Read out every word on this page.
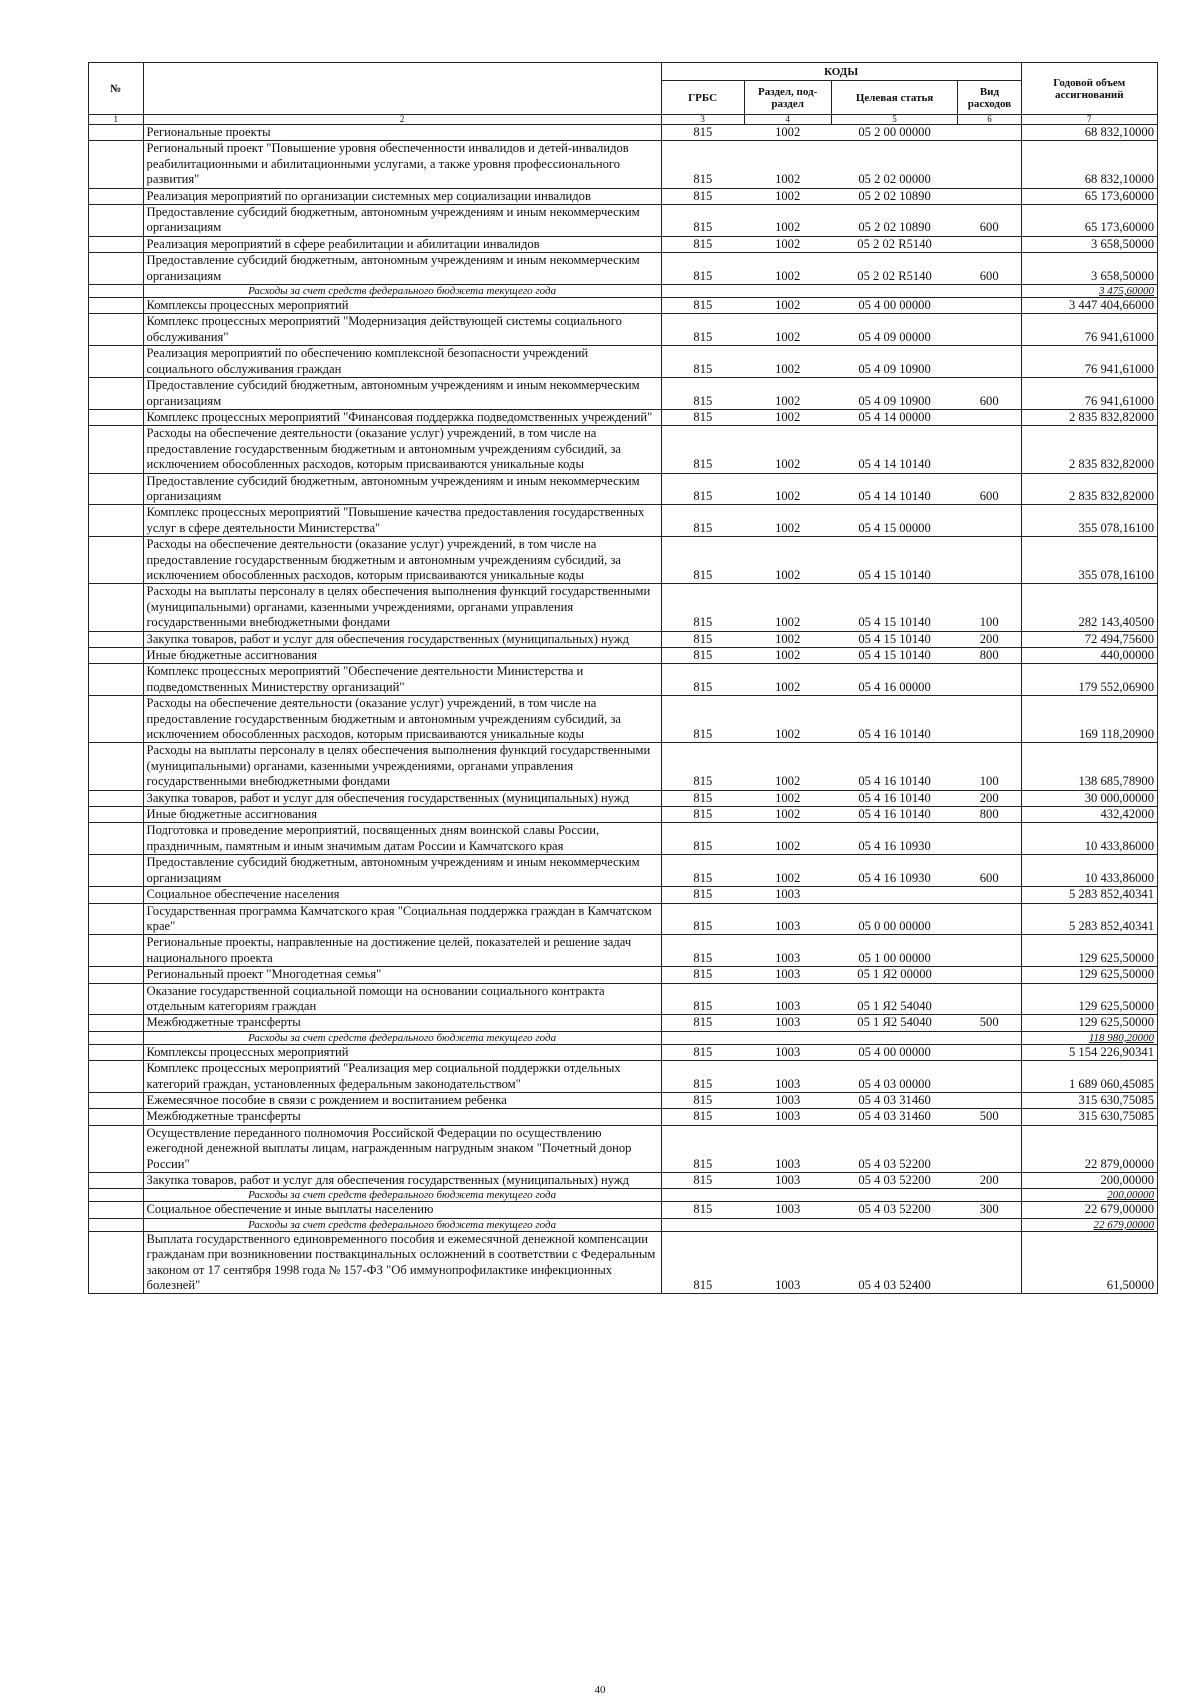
№		КОДЫ				Годовой объем ассигнований
		ГРБС	Раздел, под-раздел	Целевая статья	Вид расходов	
1	2	3	4	5	6	7
	Региональные проекты	815	1002	05 2 00 00000		68 832,10000
	Региональный проект "Повышение уровня обеспеченности инвалидов и детей-инвалидов реабилитационными и абилитационными услугами, а также уровня профессионального развития"	815	1002	05 2 02 00000		68 832,10000
	Реализация мероприятий по организации системных мер социализации инвалидов	815	1002	05 2 02 10890		65 173,60000
	Предоставление субсидий бюджетным, автономным учреждениям и иным некоммерческим организациям	815	1002	05 2 02 10890	600	65 173,60000
	Реализация мероприятий в сфере реабилитации и абилитации инвалидов	815	1002	05 2 02 R5140		3 658,50000
	Предоставление субсидий бюджетным, автономным учреждениям и иным некоммерческим организациям	815	1002	05 2 02 R5140	600	3 658,50000
	Расходы за счет средств федерального бюджета текущего года					3 475,60000
	Комплексы процессных мероприятий	815	1002	05 4 00 00000		3 447 404,66000
	Комплекс процессных мероприятий "Модернизация действующей системы социального обслуживания"	815	1002	05 4 09 00000		76 941,61000
	Реализация мероприятий по обеспечению комплексной безопасности учреждений социального обслуживания граждан	815	1002	05 4 09 10900		76 941,61000
	Предоставление субсидий бюджетным, автономным учреждениям и иным некоммерческим организациям	815	1002	05 4 09 10900	600	76 941,61000
	Комплекс процессных мероприятий "Финансовая поддержка подведомственных учреждений"	815	1002	05 4 14 00000		2 835 832,82000
	Расходы на обеспечение деятельности (оказание услуг) учреждений, в том числе на предоставление государственным бюджетным и автономным учреждениям субсидий, за исключением обособленных расходов, которым присваиваются уникальные коды	815	1002	05 4 14 10140		2 835 832,82000
	Предоставление субсидий бюджетным, автономным учреждениям и иным некоммерческим организациям	815	1002	05 4 14 10140	600	2 835 832,82000
	Комплекс процессных мероприятий "Повышение качества предоставления государственных услуг в сфере деятельности Министерства"	815	1002	05 4 15 00000		355 078,16100
	Расходы на обеспечение деятельности (оказание услуг) учреждений, в том числе на предоставление государственным бюджетным и автономным учреждениям субсидий, за исключением обособленных расходов, которым присваиваются уникальные коды	815	1002	05 4 15 10140		355 078,16100
	Расходы на выплаты персоналу в целях обеспечения выполнения функций государственными (муниципальными) органами, казенными учреждениями, органами управления государственными внебюджетными фондами	815	1002	05 4 15 10140	100	282 143,40500
	Закупка товаров, работ и услуг для обеспечения государственных (муниципальных) нужд	815	1002	05 4 15 10140	200	72 494,75600
	Иные бюджетные ассигнования	815	1002	05 4 15 10140	800	440,00000
	Комплекс процессных мероприятий "Обеспечение деятельности Министерства и подведомственных Министерству организаций"	815	1002	05 4 16 00000		179 552,06900
	Расходы на обеспечение деятельности (оказание услуг) учреждений, в том числе на предоставление государственным бюджетным и автономным учреждениям субсидий, за исключением обособленных расходов, которым присваиваются уникальные коды	815	1002	05 4 16 10140		169 118,20900
	Расходы на выплаты персоналу в целях обеспечения выполнения функций государственными (муниципальными) органами, казенными учреждениями, органами управления государственными внебюджетными фондами	815	1002	05 4 16 10140	100	138 685,78900
	Закупка товаров, работ и услуг для обеспечения государственных (муниципальных) нужд	815	1002	05 4 16 10140	200	30 000,00000
	Иные бюджетные ассигнования	815	1002	05 4 16 10140	800	432,42000
	Подготовка и проведение мероприятий, посвященных дням воинской славы России, праздничным, памятным и иным значимым датам России и Камчатского края	815	1002	05 4 16 10930		10 433,86000
	Предоставление субсидий бюджетным, автономным учреждениям и иным некоммерческим организациям	815	1002	05 4 16 10930	600	10 433,86000
	Социальное обеспечение населения	815	1003			5 283 852,40341
	Государственная программа Камчатского края "Социальная поддержка граждан в Камчатском крае"	815	1003	05 0 00 00000		5 283 852,40341
	Региональные проекты, направленные на достижение целей, показателей и решение задач национального проекта	815	1003	05 1 00 00000		129 625,50000
	Региональный проект "Многодетная семья"	815	1003	05 1 Я2 00000		129 625,50000
	Оказание государственной социальной помощи на основании социального контракта отдельным категориям граждан	815	1003	05 1 Я2 54040		129 625,50000
	Межбюджетные трансферты	815	1003	05 1 Я2 54040	500	129 625,50000
	Расходы за счет средств федерального бюджета текущего года					118 980,20000
	Комплексы процессных мероприятий	815	1003	05 4 00 00000		5 154 226,90341
	Комплекс процессных мероприятий "Реализация мер социальной поддержки отдельных категорий граждан, установленных федеральным законодательством"	815	1003	05 4 03 00000		1 689 060,45085
	Ежемесячное пособие в связи с рождением и воспитанием ребенка	815	1003	05 4 03 31460		315 630,75085
	Межбюджетные трансферты	815	1003	05 4 03 31460	500	315 630,75085
	Осуществление переданного полномочия Российской Федерации по осуществлению ежегодной денежной выплаты лицам, награжденным нагрудным знаком "Почетный донор России"	815	1003	05 4 03 52200		22 879,00000
	Закупка товаров, работ и услуг для обеспечения государственных (муниципальных) нужд	815	1003	05 4 03 52200	200	200,00000
	Расходы за счет средств федерального бюджета текущего года					200,00000
	Социальное обеспечение и иные выплаты населению	815	1003	05 4 03 52200	300	22 679,00000
	Расходы за счет средств федерального бюджета текущего года					22 679,00000
	Выплата государственного единовременного пособия и ежемесячной денежной компенсации гражданам при возникновении поствакцинальных осложнений в соответствии с Федеральным законом от 17 сентября 1998 года № 157-ФЗ "Об иммунопрофилактике инфекционных болезней"	815	1003	05 4 03 52400		61,50000
40
